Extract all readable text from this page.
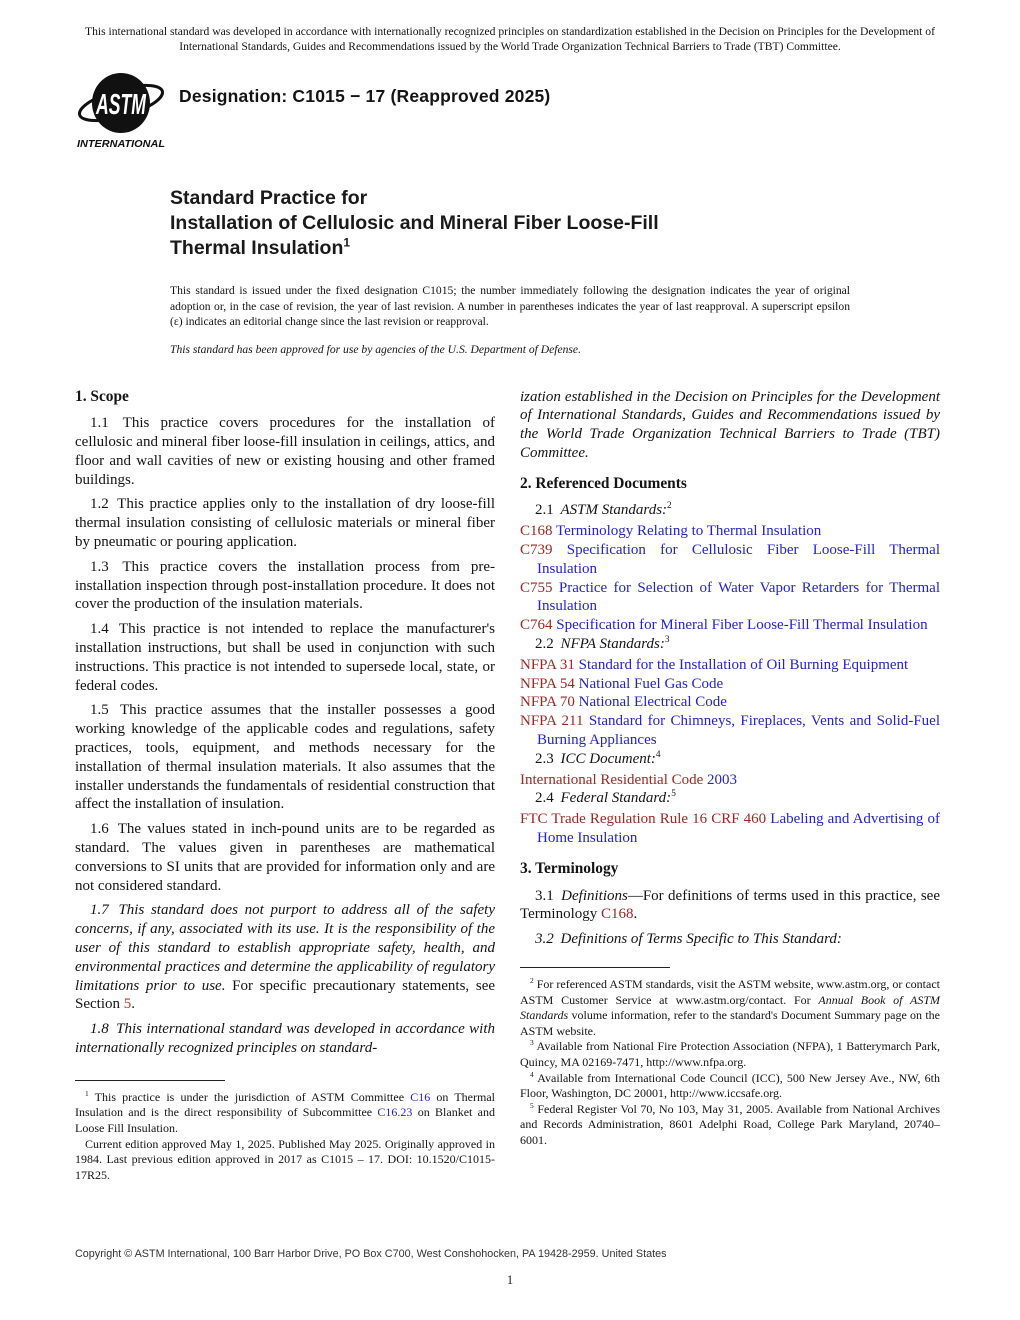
This international standard was developed in accordance with internationally recognized principles on standardization established in the Decision on Principles for the Development of International Standards, Guides and Recommendations issued by the World Trade Organization Technical Barriers to Trade (TBT) Committee.

ASTM
INTERNATIONAL
Designation: C1015 − 17 (Reapproved 2025)
Standard Practice for
Installation of Cellulosic and Mineral Fiber Loose-Fill
Thermal Insulation$^1$

This standard is issued under the fixed designation C1015; the number immediately following the designation indicates the year of original adoption or, in the case of revision, the year of last revision. A number in parentheses indicates the year of last reapproval. A superscript epsilon (ε) indicates an editorial change since the last revision or reapproval.

This standard has been approved for use by agencies of the U.S. Department of Defense.

1. Scope

1.1 This practice covers procedures for the installation of cellulosic and mineral fiber loose-fill insulation in ceilings, attics, and floor and wall cavities of new or existing housing and other framed buildings.

1.2 This practice applies only to the installation of dry loose-fill thermal insulation consisting of cellulosic materials or mineral fiber by pneumatic or pouring application.

1.3 This practice covers the installation process from pre-installation inspection through post-installation procedure. It does not cover the production of the insulation materials.

1.4 This practice is not intended to replace the manufacturer's installation instructions, but shall be used in conjunction with such instructions. This practice is not intended to supersede local, state, or federal codes.

1.5 This practice assumes that the installer possesses a good working knowledge of the applicable codes and regulations, safety practices, tools, equipment, and methods necessary for the installation of thermal insulation materials. It also assumes that the installer understands the fundamentals of residential construction that affect the installation of insulation.

1.6 The values stated in inch-pound units are to be regarded as standard. The values given in parentheses are mathematical conversions to SI units that are provided for information only and are not considered standard.

1.7 This standard does not purport to address all of the safety concerns, if any, associated with its use. It is the responsibility of the user of this standard to establish appropriate safety, health, and environmental practices and determine the applicability of regulatory limitations prior to use. For specific precautionary statements, see Section 5.

1.8 This international standard was developed in accordance with internationally recognized principles on standard-

$^1$ This practice is under the jurisdiction of ASTM Committee C16 on Thermal Insulation and is the direct responsibility of Subcommittee C16.23 on Blanket and Loose Fill Insulation.

Current edition approved May 1, 2025. Published May 2025. Originally approved in 1984. Last previous edition approved in 2017 as C1015 – 17. DOI: 10.1520/C1015-17R25.

ization established in the Decision on Principles for the Development of International Standards, Guides and Recommendations issued by the World Trade Organization Technical Barriers to Trade (TBT) Committee.

2. Referenced Documents

2.1 ASTM Standards:$^2$

C168 Terminology Relating to Thermal Insulation

C739 Specification for Cellulosic Fiber Loose-Fill Thermal Insulation

C755 Practice for Selection of Water Vapor Retarders for Thermal Insulation

C764 Specification for Mineral Fiber Loose-Fill Thermal Insulation

2.2 NFPA Standards:$^3$

NFPA 31 Standard for the Installation of Oil Burning Equipment

NFPA 54 National Fuel Gas Code

NFPA 70 National Electrical Code

NFPA 211 Standard for Chimneys, Fireplaces, Vents and Solid-Fuel Burning Appliances

2.3 ICC Document:$^4$

International Residential Code 2003

2.4 Federal Standard:$^5$

FTC Trade Regulation Rule 16 CRF 460 Labeling and Advertising of Home Insulation

3. Terminology

3.1 Definitions—For definitions of terms used in this practice, see Terminology C168.

3.2 Definitions of Terms Specific to This Standard:

$^2$ For referenced ASTM standards, visit the ASTM website, www.astm.org, or contact ASTM Customer Service at www.astm.org/contact. For Annual Book of ASTM Standards volume information, refer to the standard's Document Summary page on the ASTM website.

$^3$ Available from National Fire Protection Association (NFPA), 1 Batterymarch Park, Quincy, MA 02169-7471, http://www.nfpa.org.

$^4$ Available from International Code Council (ICC), 500 New Jersey Ave., NW, 6th Floor, Washington, DC 20001, http://www.iccsafe.org.

$^5$ Federal Register Vol 70, No 103, May 31, 2005. Available from National Archives and Records Administration, 8601 Adelphi Road, College Park Maryland, 20740–6001.

Copyright © ASTM International, 100 Barr Harbor Drive, PO Box C700, West Conshohocken, PA 19428-2959. United States
1
